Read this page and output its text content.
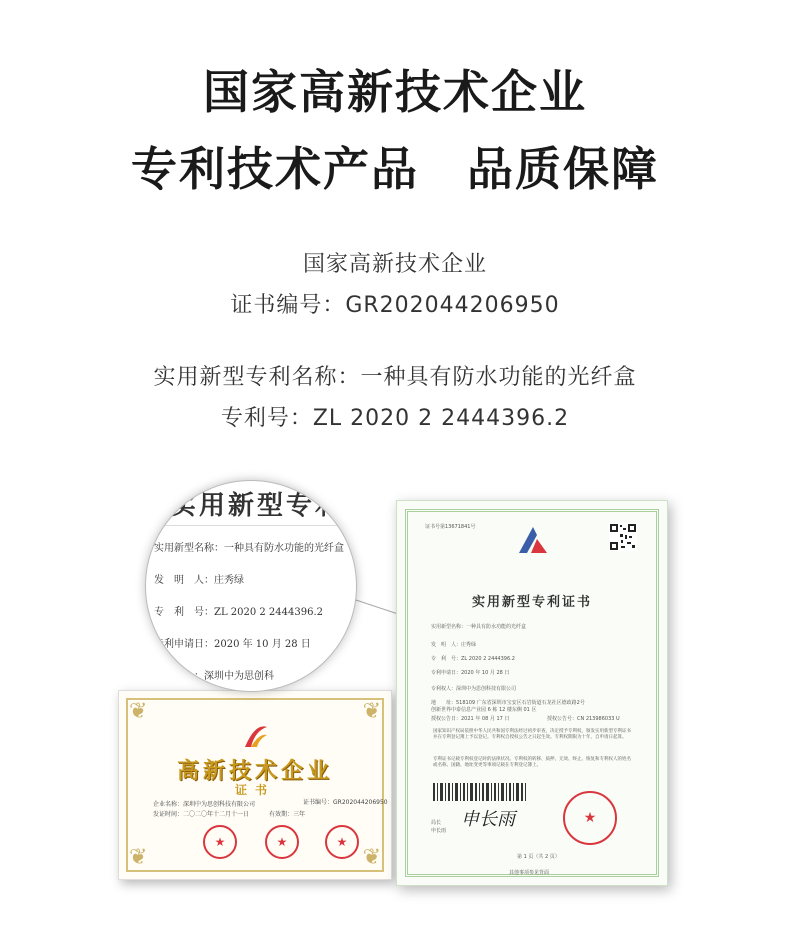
国家高新技术企业
专利技术产品　品质保障
国家高新技术企业
证书编号：GR202044206950
实用新型专利名称：一种具有防水功能的光纤盒
专利号：ZL 2020 2 2444396.2
❦	❦
❦	❦
高新技术企业
证书
企业名称：深圳中为思创科技有限公司	证书编号：GR202044206950
发证时间：二〇二〇年十二月十一日	有效期：三年
★	★	★
证书号第13671841号
实用新型专利证书
实用新型名称：一种具有防水功能的光纤盒
发　明　人：庄秀绿
专　利　号：ZL 2020 2 2444396.2
专利申请日：2020 年 10 月 28 日
专利权人：深圳中为思创科技有限公司
地　　址：518109 广东省深圳市宝安区石岩街道石龙社区德政路2号
创新世界中泰信息产业园 6 栋 12 楼东侧 01 区
授权公告日：2021 年 08 月 17 日	授权公告号：CN 213986033 U
国家知识产权局依照中华人民共和国专利法经过初步审查，决定授予专利权，颁发实用新型专利证书并在专利登记簿上予以登记。专利权自授权公告之日起生效。专利权期限为十年，自申请日起算。
专利证书记载专利权登记时的法律状况。专利权的转移、质押、无效、终止、恢复和专利权人的姓名或名称、国籍、地址变更等事项记载在专利登记簿上。
局长
申长雨
申长雨	★
第 1 页（共 2 页）
其他事项参见背面
实用新型专利
实用新型名称：一种具有防水功能的光纤盒
发　明　人：庄秀绿
专　利　号：ZL 2020 2 2444396.2
专利申请日：2020 年 10 月 28 日
专利权人：深圳中为思创科
